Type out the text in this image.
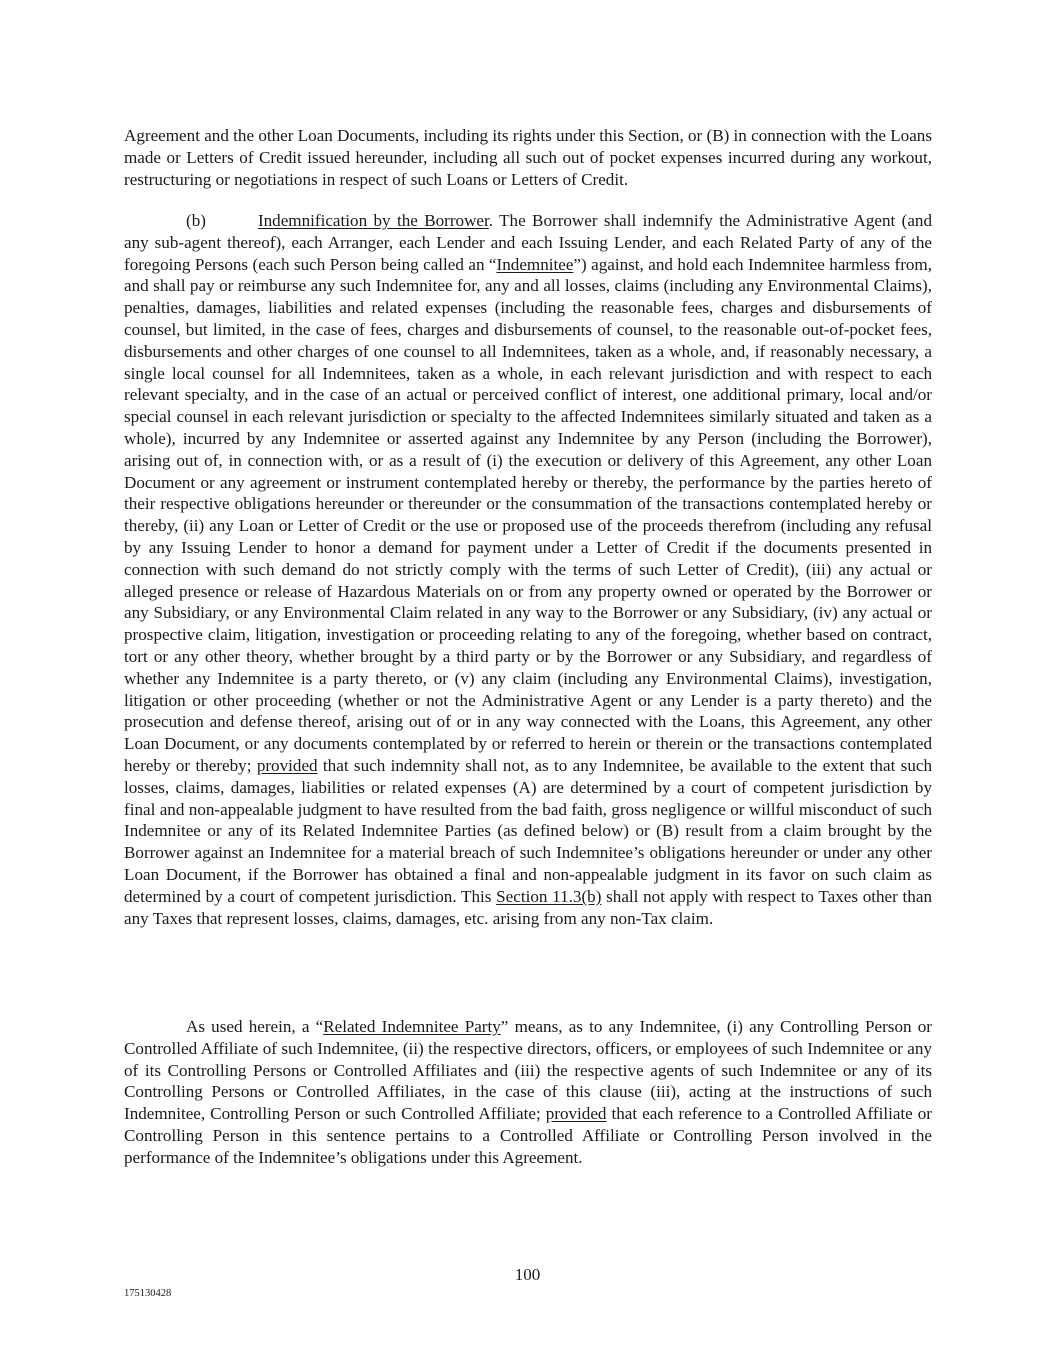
Agreement and the other Loan Documents, including its rights under this Section, or (B) in connection with the Loans made or Letters of Credit issued hereunder, including all such out of pocket expenses incurred during any workout, restructuring or negotiations in respect of such Loans or Letters of Credit.

(b)	Indemnification by the Borrower. The Borrower shall indemnify the Administrative Agent (and any sub-agent thereof), each Arranger, each Lender and each Issuing Lender, and each Related Party of any of the foregoing Persons (each such Person being called an “Indemnitee”) against, and hold each Indemnitee harmless from, and shall pay or reimburse any such Indemnitee for, any and all losses, claims (including any Environmental Claims), penalties, damages, liabilities and related expenses (including the reasonable fees, charges and disbursements of counsel, but limited, in the case of fees, charges and disbursements of counsel, to the reasonable out-of-pocket fees, disbursements and other charges of one counsel to all Indemnitees, taken as a whole, and, if reasonably necessary, a single local counsel for all Indemnitees, taken as a whole, in each relevant jurisdiction and with respect to each relevant specialty, and in the case of an actual or perceived conflict of interest, one additional primary, local and/or special counsel in each relevant jurisdiction or specialty to the affected Indemnitees similarly situated and taken as a whole), incurred by any Indemnitee or asserted against any Indemnitee by any Person (including the Borrower), arising out of, in connection with, or as a result of (i) the execution or delivery of this Agreement, any other Loan Document or any agreement or instrument contemplated hereby or thereby, the performance by the parties hereto of their respective obligations hereunder or thereunder or the consummation of the transactions contemplated hereby or thereby, (ii) any Loan or Letter of Credit or the use or proposed use of the proceeds therefrom (including any refusal by any Issuing Lender to honor a demand for payment under a Letter of Credit if the documents presented in connection with such demand do not strictly comply with the terms of such Letter of Credit), (iii) any actual or alleged presence or release of Hazardous Materials on or from any property owned or operated by the Borrower or any Subsidiary, or any Environmental Claim related in any way to the Borrower or any Subsidiary, (iv) any actual or prospective claim, litigation, investigation or proceeding relating to any of the foregoing, whether based on contract, tort or any other theory, whether brought by a third party or by the Borrower or any Subsidiary, and regardless of whether any Indemnitee is a party thereto, or (v) any claim (including any Environmental Claims), investigation, litigation or other proceeding (whether or not the Administrative Agent or any Lender is a party thereto) and the prosecution and defense thereof, arising out of or in any way connected with the Loans, this Agreement, any other Loan Document, or any documents contemplated by or referred to herein or therein or the transactions contemplated hereby or thereby; provided that such indemnity shall not, as to any Indemnitee, be available to the extent that such losses, claims, damages, liabilities or related expenses (A) are determined by a court of competent jurisdiction by final and non-appealable judgment to have resulted from the bad faith, gross negligence or willful misconduct of such Indemnitee or any of its Related Indemnitee Parties (as defined below) or (B) result from a claim brought by the Borrower against an Indemnitee for a material breach of such Indemnitee’s obligations hereunder or under any other Loan Document, if the Borrower has obtained a final and non-appealable judgment in its favor on such claim as determined by a court of competent jurisdiction. This Section 11.3(b) shall not apply with respect to Taxes other than any Taxes that represent losses, claims, damages, etc. arising from any non-Tax claim.

As used herein, a “Related Indemnitee Party” means, as to any Indemnitee, (i) any Controlling Person or Controlled Affiliate of such Indemnitee, (ii) the respective directors, officers, or employees of such Indemnitee or any of its Controlling Persons or Controlled Affiliates and (iii) the respective agents of such Indemnitee or any of its Controlling Persons or Controlled Affiliates, in the case of this clause (iii), acting at the instructions of such Indemnitee, Controlling Person or such Controlled Affiliate; provided that each reference to a Controlled Affiliate or Controlling Person in this sentence pertains to a Controlled Affiliate or Controlling Person involved in the performance of the Indemnitee’s obligations under this Agreement.

100

175130428
